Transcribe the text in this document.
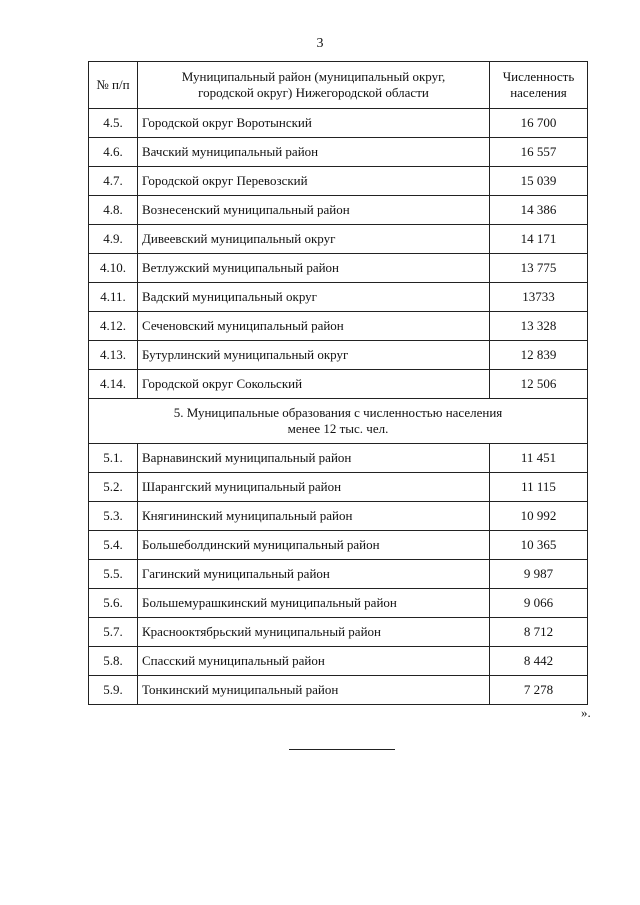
3
№ п/п	Муниципальный район (муниципальный округ,
городской округ) Нижегородской области	Численность
населения
4.5.	Городской округ Воротынский	16 700
4.6.	Вачский муниципальный район	16 557
4.7.	Городской округ Перевозский	15 039
4.8.	Вознесенский муниципальный район	14 386
4.9.	Дивеевский муниципальный округ	14 171
4.10.	Ветлужский муниципальный район	13 775
4.11.	Вадский муниципальный округ	13733
4.12.	Сеченовский муниципальный район	13 328
4.13.	Бутурлинский муниципальный округ	12 839
4.14.	Городской округ Сокольский	12 506
5. Муниципальные образования с численностью населения
менее 12 тыс. чел.		
5.1.	Варнавинский муниципальный район	11 451
5.2.	Шарангский муниципальный район	11 115
5.3.	Княгининский муниципальный район	10 992
5.4.	Большеболдинский муниципальный район	10 365
5.5.	Гагинский муниципальный район	9 987
5.6.	Большемурашкинский муниципальный район	9 066
5.7.	Краснооктябрьский муниципальный район	8 712
5.8.	Спасский муниципальный район	8 442
5.9.	Тонкинский муниципальный район	7 278
».
